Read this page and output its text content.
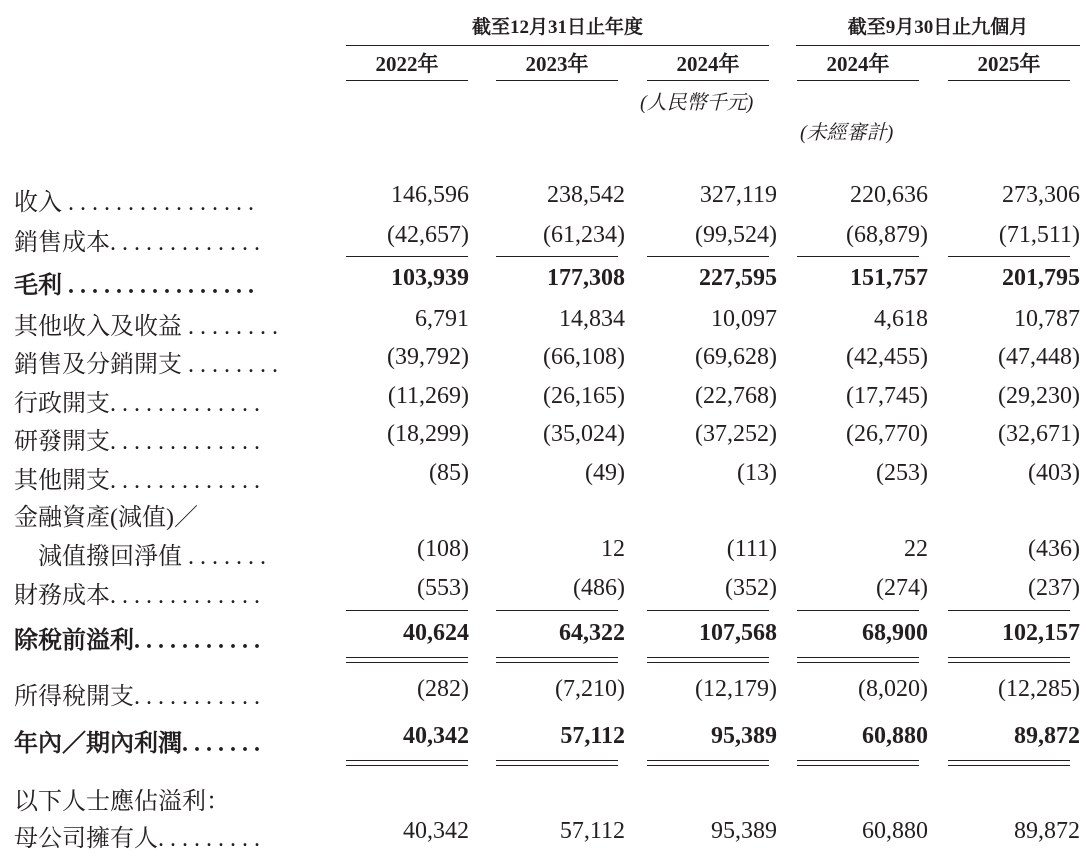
截至12月31日止年度	截至9月30日止九個月
2022年	2023年	2024年	2024年	2025年
(人民幣千元)
(未經審計)
收入 . . . . . . . . . . . . . . . .	146,596	238,542	327,119	220,636	273,306
銷售成本. . . . . . . . . . . . .	(42,657)	(61,234)	(99,524)	(68,879)	(71,511)
毛利 . . . . . . . . . . . . . . . .	103,939	177,308	227,595	151,757	201,795
其他收入及收益 . . . . . . . .	6,791	14,834	10,097	4,618	10,787
銷售及分銷開支 . . . . . . . .	(39,792)	(66,108)	(69,628)	(42,455)	(47,448)
行政開支. . . . . . . . . . . . .	(11,269)	(26,165)	(22,768)	(17,745)	(29,230)
研發開支. . . . . . . . . . . . .	(18,299)	(35,024)	(37,252)	(26,770)	(32,671)
其他開支. . . . . . . . . . . . .	(85)	(49)	(13)	(253)	(403)
金融資產(減值)／
　減值撥回淨值 . . . . . . .	(108)	12	(111)	22	(436)
財務成本. . . . . . . . . . . . .	(553)	(486)	(352)	(274)	(237)
除稅前溢利. . . . . . . . . . .	40,624	64,322	107,568	68,900	102,157
所得稅開支. . . . . . . . . . .	(282)	(7,210)	(12,179)	(8,020)	(12,285)
年內／期內利潤. . . . . . .	40,342	57,112	95,389	60,880	89,872
以下人士應佔溢利：
母公司擁有人. . . . . . . . .	40,342	57,112	95,389	60,880	89,872
